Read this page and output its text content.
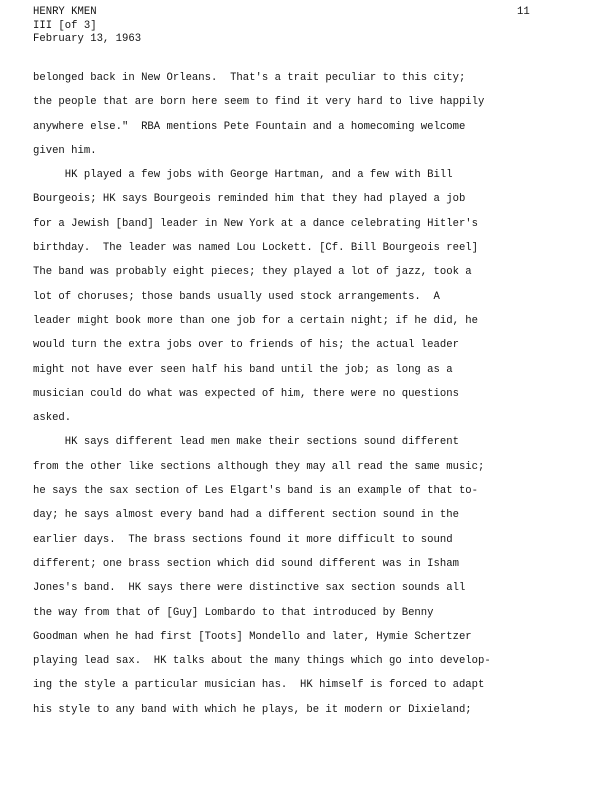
HENRY KMEN
III [of 3]
February 13, 1963
11
belonged back in New Orleans.  That's a trait peculiar to this city;
the people that are born here seem to find it very hard to live happily
anywhere else."  RBA mentions Pete Fountain and a homecoming welcome
given him.
HK played a few jobs with George Hartman, and a few with Bill
Bourgeois; HK says Bourgeois reminded him that they had played a job
for a Jewish [band] leader in New York at a dance celebrating Hitler's
birthday.  The leader was named Lou Lockett. [Cf. Bill Bourgeois reel]
The band was probably eight pieces; they played a lot of jazz, took a
lot of choruses; those bands usually used stock arrangements.  A
leader might book more than one job for a certain night; if he did, he
would turn the extra jobs over to friends of his; the actual leader
might not have ever seen half his band until the job; as long as a
musician could do what was expected of him, there were no questions
asked.
HK says different lead men make their sections sound different
from the other like sections although they may all read the same music;
he says the sax section of Les Elgart's band is an example of that to-
day; he says almost every band had a different section sound in the
earlier days.  The brass sections found it more difficult to sound
different; one brass section which did sound different was in Isham
Jones's band.  HK says there were distinctive sax section sounds all
the way from that of [Guy] Lombardo to that introduced by Benny
Goodman when he had first [Toots] Mondello and later, Hymie Schertzer
playing lead sax.  HK talks about the many things which go into develop-
ing the style a particular musician has.  HK himself is forced to adapt
his style to any band with which he plays, be it modern or Dixieland;
